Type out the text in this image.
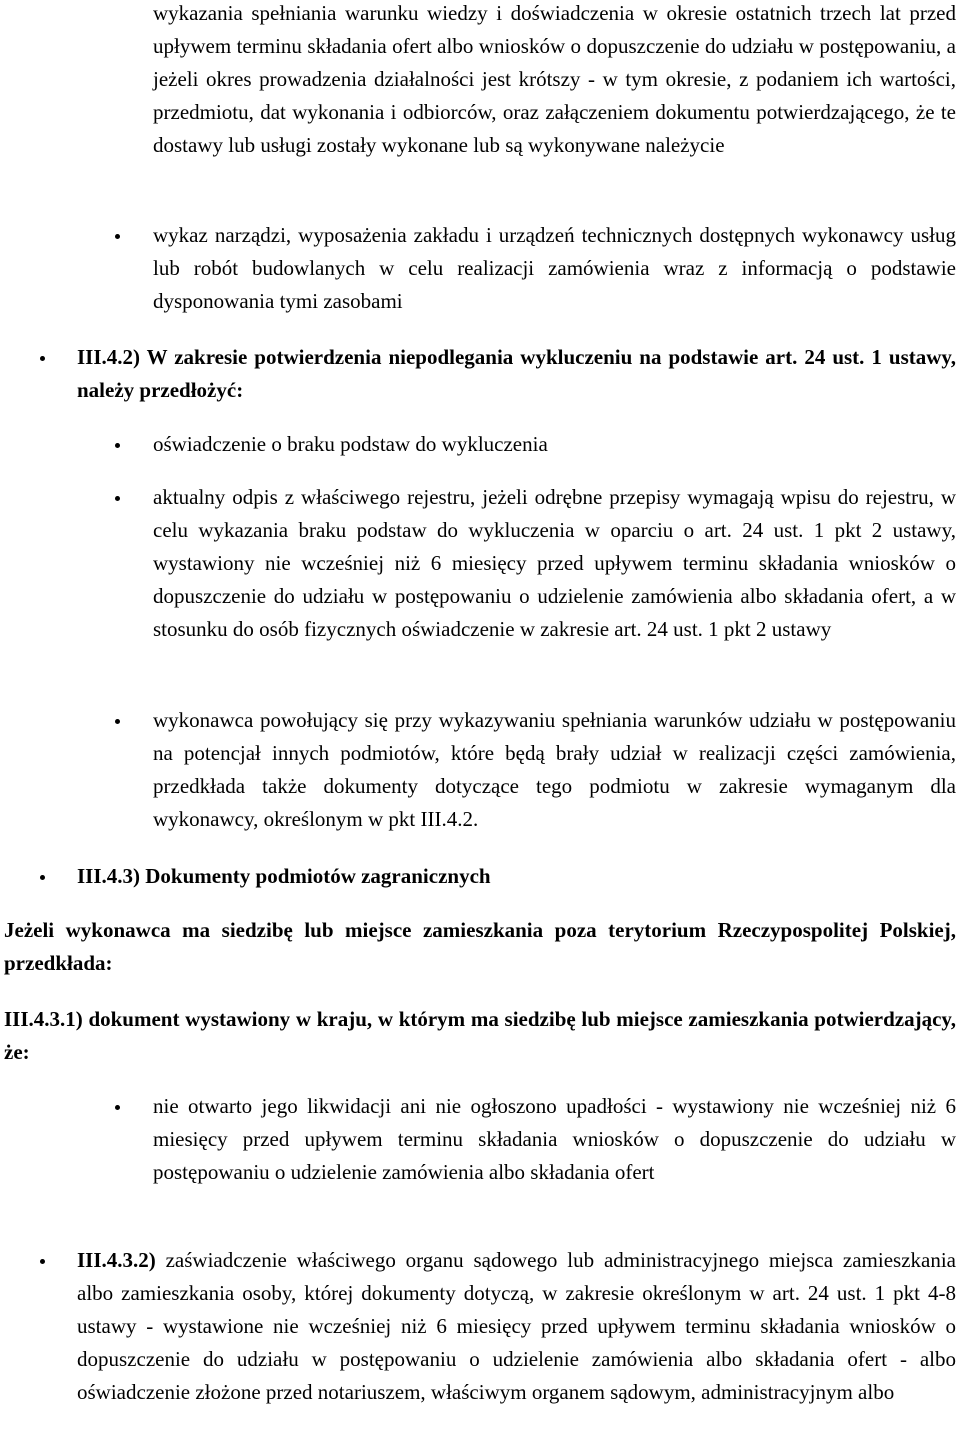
wykazania spełniania warunku wiedzy i doświadczenia w okresie ostatnich trzech lat przed upływem terminu składania ofert albo wniosków o dopuszczenie do udziału w postępowaniu, a jeżeli okres prowadzenia działalności jest krótszy - w tym okresie, z podaniem ich wartości, przedmiotu, dat wykonania i odbiorców, oraz załączeniem dokumentu potwierdzającego, że te dostawy lub usługi zostały wykonane lub są wykonywane należycie

wykaz narządzi, wyposażenia zakładu i urządzeń technicznych dostępnych wykonawcy usług lub robót budowlanych w celu realizacji zamówienia wraz z informacją o podstawie dysponowania tymi zasobami

III.4.2) W zakresie potwierdzenia niepodlegania wykluczeniu na podstawie art. 24 ust. 1 ustawy, należy przedłożyć:

oświadczenie o braku podstaw do wykluczenia

aktualny odpis z właściwego rejestru, jeżeli odrębne przepisy wymagają wpisu do rejestru, w celu wykazania braku podstaw do wykluczenia w oparciu o art. 24 ust. 1 pkt 2 ustawy, wystawiony nie wcześniej niż 6 miesięcy przed upływem terminu składania wniosków o dopuszczenie do udziału w postępowaniu o udzielenie zamówienia albo składania ofert, a w stosunku do osób fizycznych oświadczenie w zakresie art. 24 ust. 1 pkt 2 ustawy

wykonawca powołujący się przy wykazywaniu spełniania warunków udziału w postępowaniu na potencjał innych podmiotów, które będą brały udział w realizacji części zamówienia, przedkłada także dokumenty dotyczące tego podmiotu w zakresie wymaganym dla wykonawcy, określonym w pkt III.4.2.

III.4.3) Dokumenty podmiotów zagranicznych

Jeżeli wykonawca ma siedzibę lub miejsce zamieszkania poza terytorium Rzeczypospolitej Polskiej, przedkłada:

III.4.3.1) dokument wystawiony w kraju, w którym ma siedzibę lub miejsce zamieszkania potwierdzający, że:

nie otwarto jego likwidacji ani nie ogłoszono upadłości - wystawiony nie wcześniej niż 6 miesięcy przed upływem terminu składania wniosków o dopuszczenie do udziału w postępowaniu o udzielenie zamówienia albo składania ofert

III.4.3.2) zaświadczenie właściwego organu sądowego lub administracyjnego miejsca zamieszkania albo zamieszkania osoby, której dokumenty dotyczą, w zakresie określonym w art. 24 ust. 1 pkt 4-8 ustawy - wystawione nie wcześniej niż 6 miesięcy przed upływem terminu składania wniosków o dopuszczenie do udziału w postępowaniu o udzielenie zamówienia albo składania ofert - albo oświadczenie złożone przed notariuszem, właściwym organem sądowym, administracyjnym albo
